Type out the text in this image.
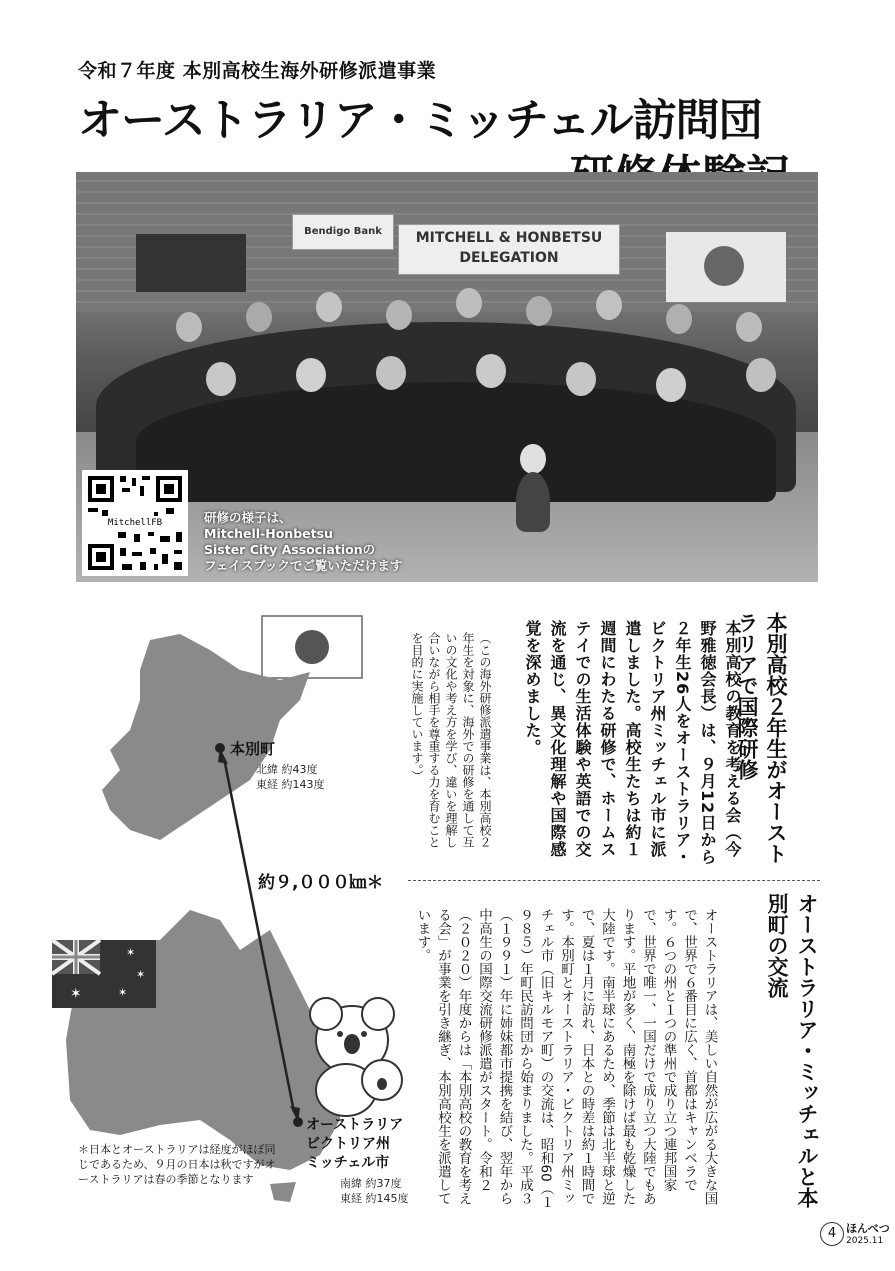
令和７年度 本別高校生海外研修派遣事業
オーストラリア・ミッチェル訪問団
Bendigo Bank	MITCHELL & HONBETSU
DELEGATION
MitchellFB	研修の様子は、
Mitchell-Honbetsu
Sister City Associationの
フェイスブックでご覧いただけます
✶
✶
✶
✶
本別町
北緯 約43度
東経 約143度
約９,０００㎞＊
オーストラリア
ビクトリア州
ミッチェル市
南緯 約37度
東経 約145度
＊日本とオーストラリアは経度がほぼ同じであるため、９月の日本は秋ですがオーストラリアは春の季節となります
本別高校２年生がオーストラリアで国際研修
本別高校の教育を考える会（今野雅徳会長）は、９月12日から２年生26人をオーストラリア・ビクトリア州ミッチェル市に派遣しました。高校生たちは約１週間にわたる研修で、ホームステイでの生活体験や英語での交流を通じ、異文化理解や国際感覚を深めました。
（この海外研修派遣事業は、本別高校２年生を対象に、海外での研修を通して互いの文化や考え方を学び、違いを理解し合いながら相手を尊重する力を育むことを目的に実施しています。）
オーストラリア・ミッチェルと本別町の交流
オーストラリアは、美しい自然が広がる大きな国で、世界で６番目に広く、首都はキャンベラです。６つの州と１つの準州で成り立つ連邦国家で、世界で唯一、一国だけで成り立つ大陸でもあります。平地が多く、南極を除けば最も乾燥した大陸です。南半球にあるため、季節は北半球と逆で、夏は１月に訪れ、日本との時差は約１時間です。本別町とオーストラリア・ビクトリア州ミッチェル市（旧キルモア町）の交流は、昭和60（１９８５）年町民訪問団から始まりました。平成３（１９９１）年に姉妹都市提携を結び、翌年から中高生の国際交流研修派遣がスタート。令和２（２０２０）年度からは「本別高校の教育を考える会」が事業を引き継ぎ、本別高校生を派遣しています。
4 ほんべつ
2025.11
